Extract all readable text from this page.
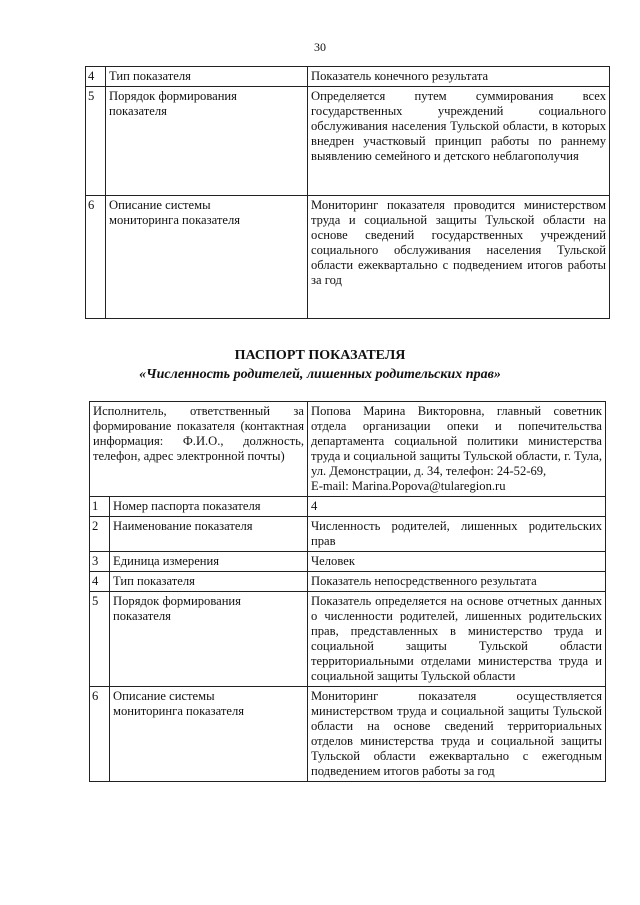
30
4	Тип показателя	Показатель конечного результата
5	Порядок формирования показателя	Определяется путем суммирования всех государственных учреждений социального обслуживания населения Тульской области, в которых внедрен участковый принцип работы по раннему выявлению семейного и детского неблагополучия
6	Описание системы мониторинга показателя	Мониторинг показателя проводится министерством труда и социальной защиты Тульской области на основе сведений государственных учреждений социального обслуживания населения Тульской области ежеквартально с подведением итогов работы за год
ПАСПОРТ ПОКАЗАТЕЛЯ
«Численность родителей, лишенных родительских прав»
Исполнитель, ответственный за формирование показателя (контактная информация: Ф.И.О., должность, телефон, адрес электронной почты)		Попова Марина Викторовна, главный советник отдела организации опеки и попечительства департамента социальной политики министерства труда и социальной защиты Тульской области, г. Тула, ул. Демонстрации, д. 34, телефон: 24-52-69,
E-mail: Marina.Popova@tularegion.ru
1	Номер паспорта показателя	4
2	Наименование показателя	Численность родителей, лишенных родительских прав
3	Единица измерения	Человек
4	Тип показателя	Показатель непосредственного результата
5	Порядок формирования показателя	Показатель определяется на основе отчетных данных о численности родителей, лишенных родительских прав, представленных в министерство труда и социальной защиты Тульской области территориальными отделами министерства труда и социальной защиты Тульской области
6	Описание системы мониторинга показателя	Мониторинг показателя осуществляется министерством труда и социальной защиты Тульской области на основе сведений территориальных отделов министерства труда и социальной защиты Тульской области ежеквартально с ежегодным подведением итогов работы за год
